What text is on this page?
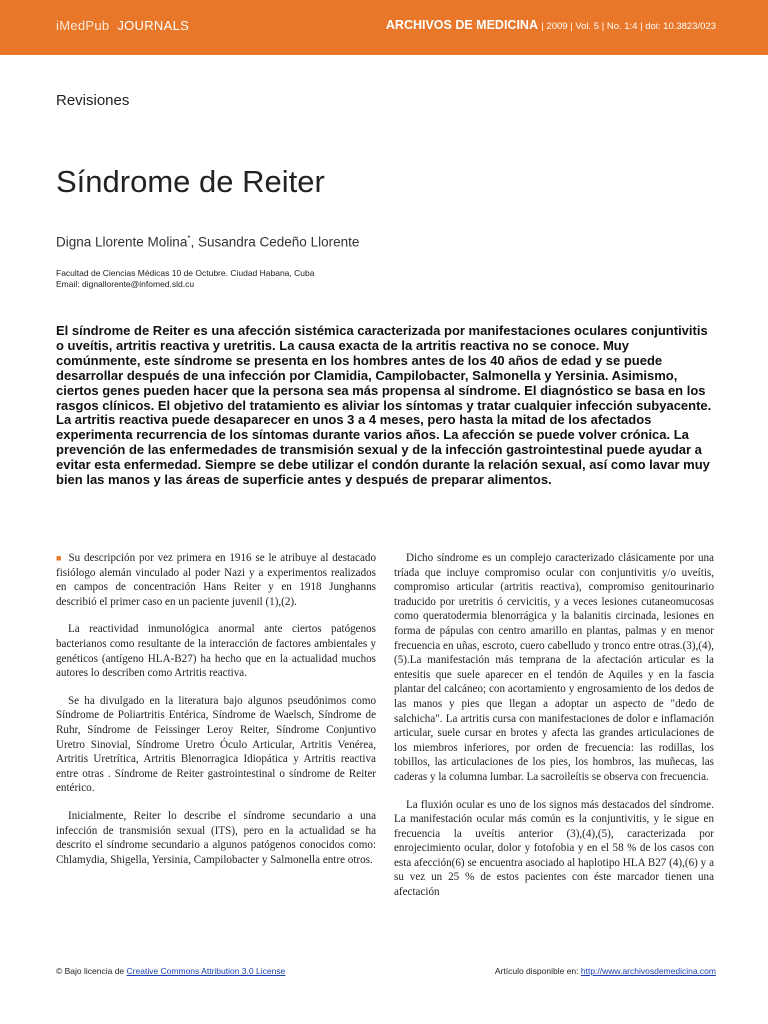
iMedPub JOURNALS	ARCHIVOS DE MEDICINA | 2009 | Vol. 5 | No. 1:4 | doi: 10.3823/023
Revisiones
Síndrome de Reiter
Digna Llorente Molina*, Susandra Cedeño Llorente
Facultad de Ciencias Médicas 10 de Octubre. Ciudad Habana, Cuba
Email: dignallorente@infomed.sld.cu

El síndrome de Reiter es una afección sistémica caracterizada por manifestaciones oculares conjuntivitis o uveítis, artritis reactiva y uretritis. La causa exacta de la artritis reactiva no se conoce. Muy comúnmente, este síndrome se presenta en los hombres antes de los 40 años de edad y se puede desarrollar después de una infección por Clamidia, Campilobacter, Salmonella y Yersinia. Asimismo, ciertos genes pueden hacer que la persona sea más propensa al síndrome. El diagnóstico se basa en los rasgos clínicos. El objetivo del tratamiento es aliviar los síntomas y tratar cualquier infección subyacente. La artritis reactiva puede desaparecer en unos 3 a 4 meses, pero hasta la mitad de los afectados experimenta recurrencia de los síntomas durante varios años. La afección se puede volver crónica. La prevención de las enfermedades de transmisión sexual y de la infección gastrointestinal puede ayudar a evitar esta enfermedad. Siempre se debe utilizar el condón durante la relación sexual, así como lavar muy bien las manos y las áreas de superficie antes y después de preparar alimentos.

■ Su descripción por vez primera en 1916 se le atribuye al destacado fisiólogo alemán vinculado al poder Nazi y a experimentos realizados en campos de concentración Hans Reiter y en 1918 Junghanns describió el primer caso en un paciente juvenil (1),(2).

La reactividad inmunológica anormal ante ciertos patógenos bacterianos como resultante de la interacción de factores ambientales y genéticos (antígeno HLA-B27) ha hecho que en la actualidad muchos autores lo describen como Artritis reactiva.

Se ha divulgado en la literatura bajo algunos pseudónimos como Síndrome de Poliartritis Entérica, Síndrome de Waelsch, Síndrome de Ruhr, Síndrome de Feissinger Leroy Reiter, Síndrome Conjuntivo Uretro Sinovial, Síndrome Uretro Óculo Articular, Artritis Venérea, Artritis Uretrítica, Artritis Blenorragica Idiopática y Artritis reactiva entre otras . Síndrome de Reiter gastrointestinal o síndrome de Reiter entérico.

Inicialmente, Reiter lo describe el síndrome secundario a una infección de transmisión sexual (ITS), pero en la actualidad se ha descrito el síndrome secundario a algunos patógenos conocidos como: Chlamydia, Shigella, Yersinia, Campilobacter y Salmonella entre otros.

Dicho síndrome es un complejo caracterizado clásicamente por una tríada que incluye compromiso ocular con conjuntivitis y/o uveítis, compromiso articular (artritis reactiva), compromiso genitourinario traducido por uretritis ó cervicitis, y a veces lesiones cutaneomucosas como queratodermia blenorrágica y la balanitis circinada, lesiones en forma de pápulas con centro amarillo en plantas, palmas y en menor frecuencia en uñas, escroto, cuero cabelludo y tronco entre otras.(3),(4),(5).La manifestación más temprana de la afectación articular es la entesitis que suele aparecer en el tendón de Aquiles y en la fascia plantar del calcáneo; con acortamiento y engrosamiento de los dedos de las manos y pies que llegan a adoptar un aspecto de "dedo de salchicha". La artritis cursa con manifestaciones de dolor e inflamación articular, suele cursar en brotes y afecta las grandes articulaciones de los miembros inferiores, por orden de frecuencia: las rodillas, los tobillos, las articulaciones de los pies, los hombros, las muñecas, las caderas y la columna lumbar. La sacroileítis se observa con frecuencia.

La fluxión ocular es uno de los signos más destacados del síndrome. La manifestación ocular más común es la conjuntivitis, y le sigue en frecuencia la uveítis anterior (3),(4),(5), caracterizada por enrojecimiento ocular, dolor y fotofobia y en el 58 % de los casos con esta afección(6) se encuentra asociado al haplotipo HLA B27 (4),(6) y a su vez un 25 % de estos pacientes con éste marcador tienen una afectación

© Bajo licencia de Creative Commons Attribution 3.0 License	Artículo disponible en: http://www.archivosdemedicina.com
